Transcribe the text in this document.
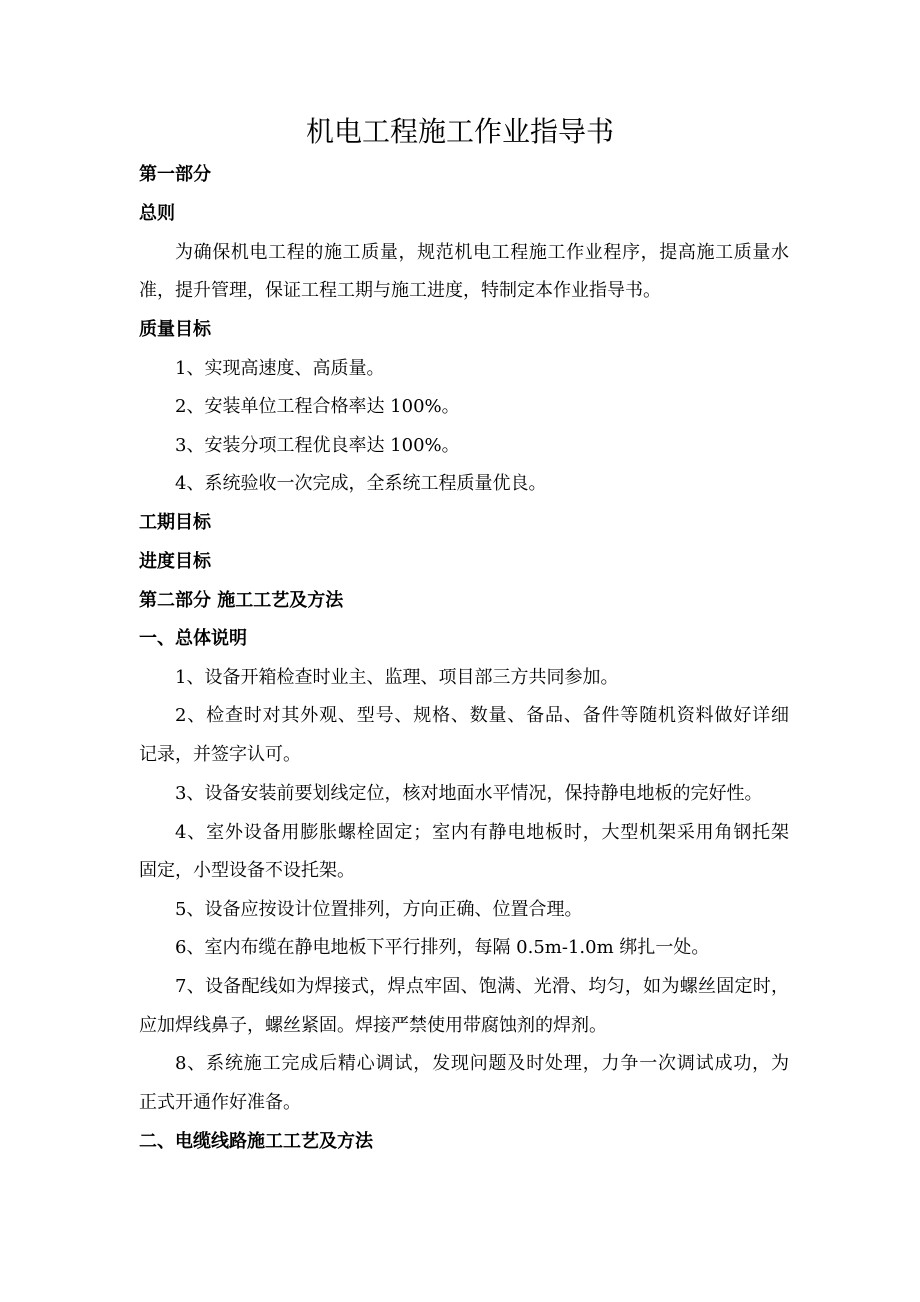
机电工程施工作业指导书
第一部分
总则
为确保机电工程的施工质量，规范机电工程施工作业程序，提高施工质量水
准，提升管理，保证工程工期与施工进度，特制定本作业指导书。
质量目标
1、实现高速度、高质量。
2、安装单位工程合格率达 100%。
3、安装分项工程优良率达 100%。
4、系统验收一次完成，全系统工程质量优良。
工期目标
进度目标
第二部分 施工工艺及方法
一、总体说明
1、设备开箱检查时业主、监理、项目部三方共同参加。
2、检查时对其外观、型号、规格、数量、备品、备件等随机资料做好详细
记录，并签字认可。
3、设备安装前要划线定位，核对地面水平情况，保持静电地板的完好性。
4、室外设备用膨胀螺栓固定；室内有静电地板时，大型机架采用角钢托架
固定，小型设备不设托架。
5、设备应按设计位置排列，方向正确、位置合理。
6、室内布缆在静电地板下平行排列，每隔 0.5m-1.0m 绑扎一处。
7、设备配线如为焊接式，焊点牢固、饱满、光滑、均匀，如为螺丝固定时，
应加焊线鼻子，螺丝紧固。焊接严禁使用带腐蚀剂的焊剂。
8、系统施工完成后精心调试，发现问题及时处理，力争一次调试成功，为
正式开通作好准备。
二、电缆线路施工工艺及方法
